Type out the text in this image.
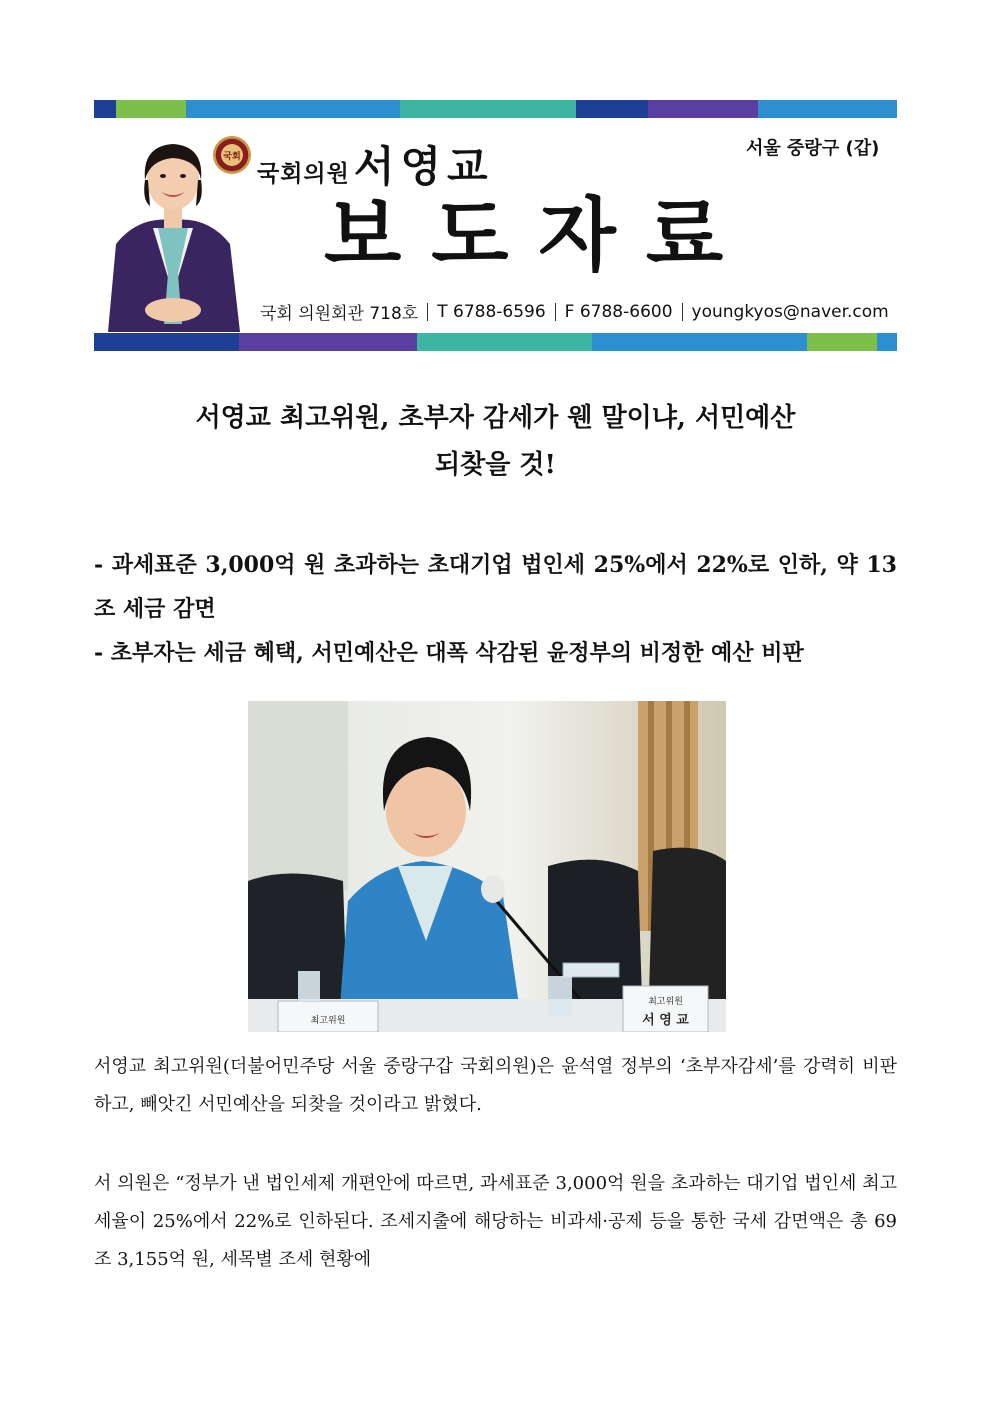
국회
국회의원 서영교	서울 중랑구 (갑)
보도자료
국회 의원회관 718호 T 6788-6596 F 6788-6600 youngkyos@naver.com
서영교 최고위원, 초부자 감세가 웬 말이냐, 서민예산
되찾을 것!

- 과세표준 3,000억 원 초과하는 초대기업 법인세 25%에서 22%로 인하, 약 13조 세금 감면

- 초부자는 세금 혜택, 서민예산은 대폭 삭감된 윤정부의 비정한 예산 비판

최고위원
서 영 교
최고위원

서영교 최고위원(더불어민주당 서울 중랑구갑 국회의원)은 윤석열 정부의 ‘초부자감세’를 강력히 비판하고, 빼앗긴 서민예산을 되찾을 것이라고 밝혔다.

서 의원은 “정부가 낸 법인세제 개편안에 따르면, 과세표준 3,000억 원을 초과하는 대기업 법인세 최고 세율이 25%에서 22%로 인하된다. 조세지출에 해당하는 비과세·공제 등을 통한 국세 감면액은 총 69조 3,155억 원, 세목별 조세 현황에
